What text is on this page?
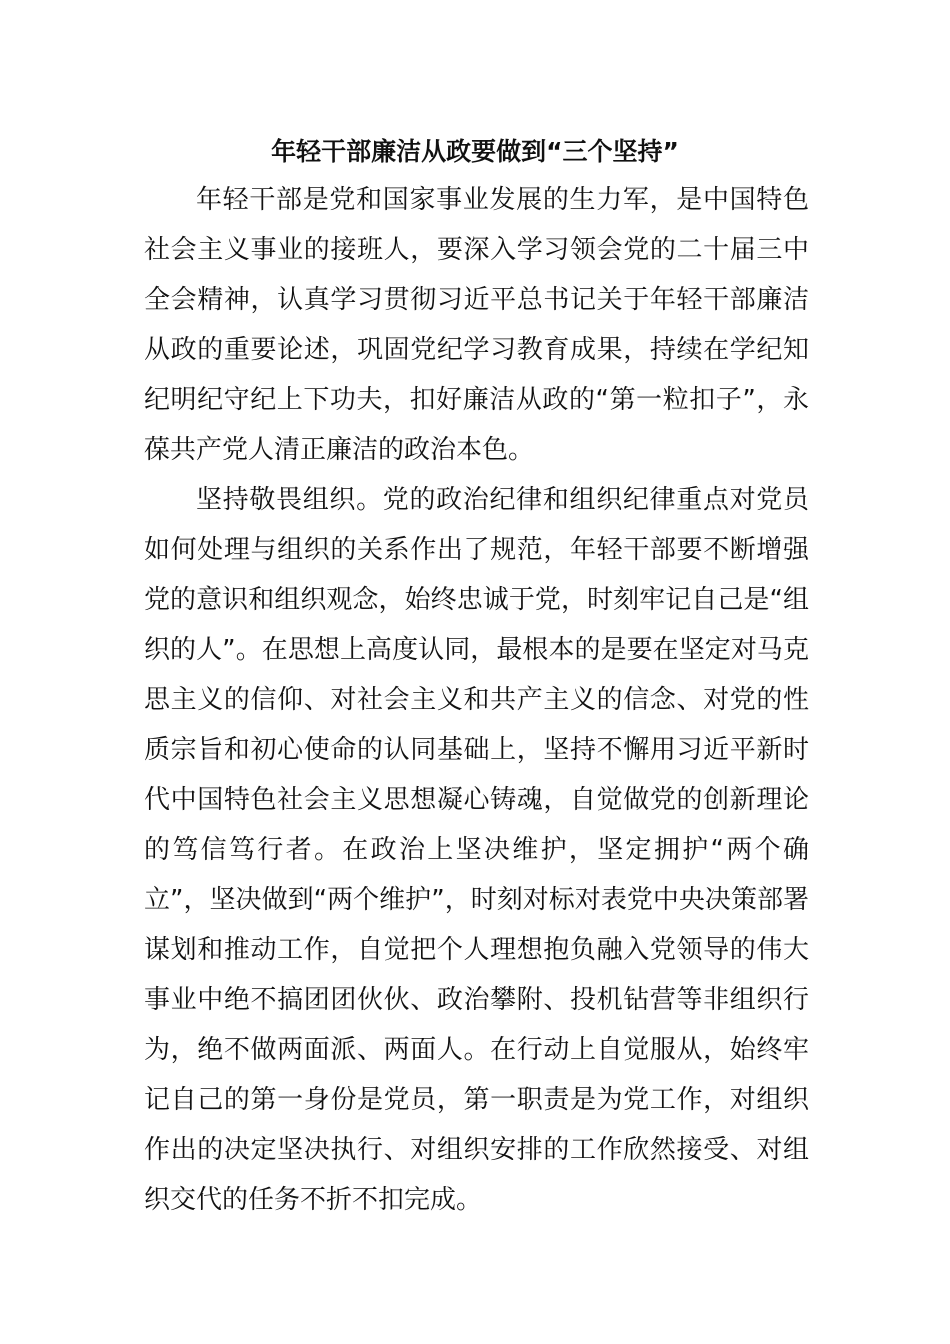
年轻干部廉洁从政要做到“三个坚持”

年轻干部是党和国家事业发展的生力军，是中国特色社会主义事业的接班人，要深入学习领会党的二十届三中全会精神，认真学习贯彻习近平总书记关于年轻干部廉洁从政的重要论述，巩固党纪学习教育成果，持续在学纪知纪明纪守纪上下功夫，扣好廉洁从政的“第一粒扣子”，永葆共产党人清正廉洁的政治本色。

坚持敬畏组织。党的政治纪律和组织纪律重点对党员如何处理与组织的关系作出了规范，年轻干部要不断增强党的意识和组织观念，始终忠诚于党，时刻牢记自己是“组织的人”。在思想上高度认同，最根本的是要在坚定对马克思主义的信仰、对社会主义和共产主义的信念、对党的性质宗旨和初心使命的认同基础上，坚持不懈用习近平新时代中国特色社会主义思想凝心铸魂，自觉做党的创新理论的笃信笃行者。在政治上坚决维护，坚定拥护“两个确立”，坚决做到“两个维护”，时刻对标对表党中央决策部署谋划和推动工作，自觉把个人理想抱负融入党领导的伟大事业中绝不搞团团伙伙、政治攀附、投机钻营等非组织行为，绝不做两面派、两面人。在行动上自觉服从，始终牢记自己的第一身份是党员，第一职责是为党工作，对组织作出的决定坚决执行、对组织安排的工作欣然接受、对组织交代的任务不折不扣完成。
